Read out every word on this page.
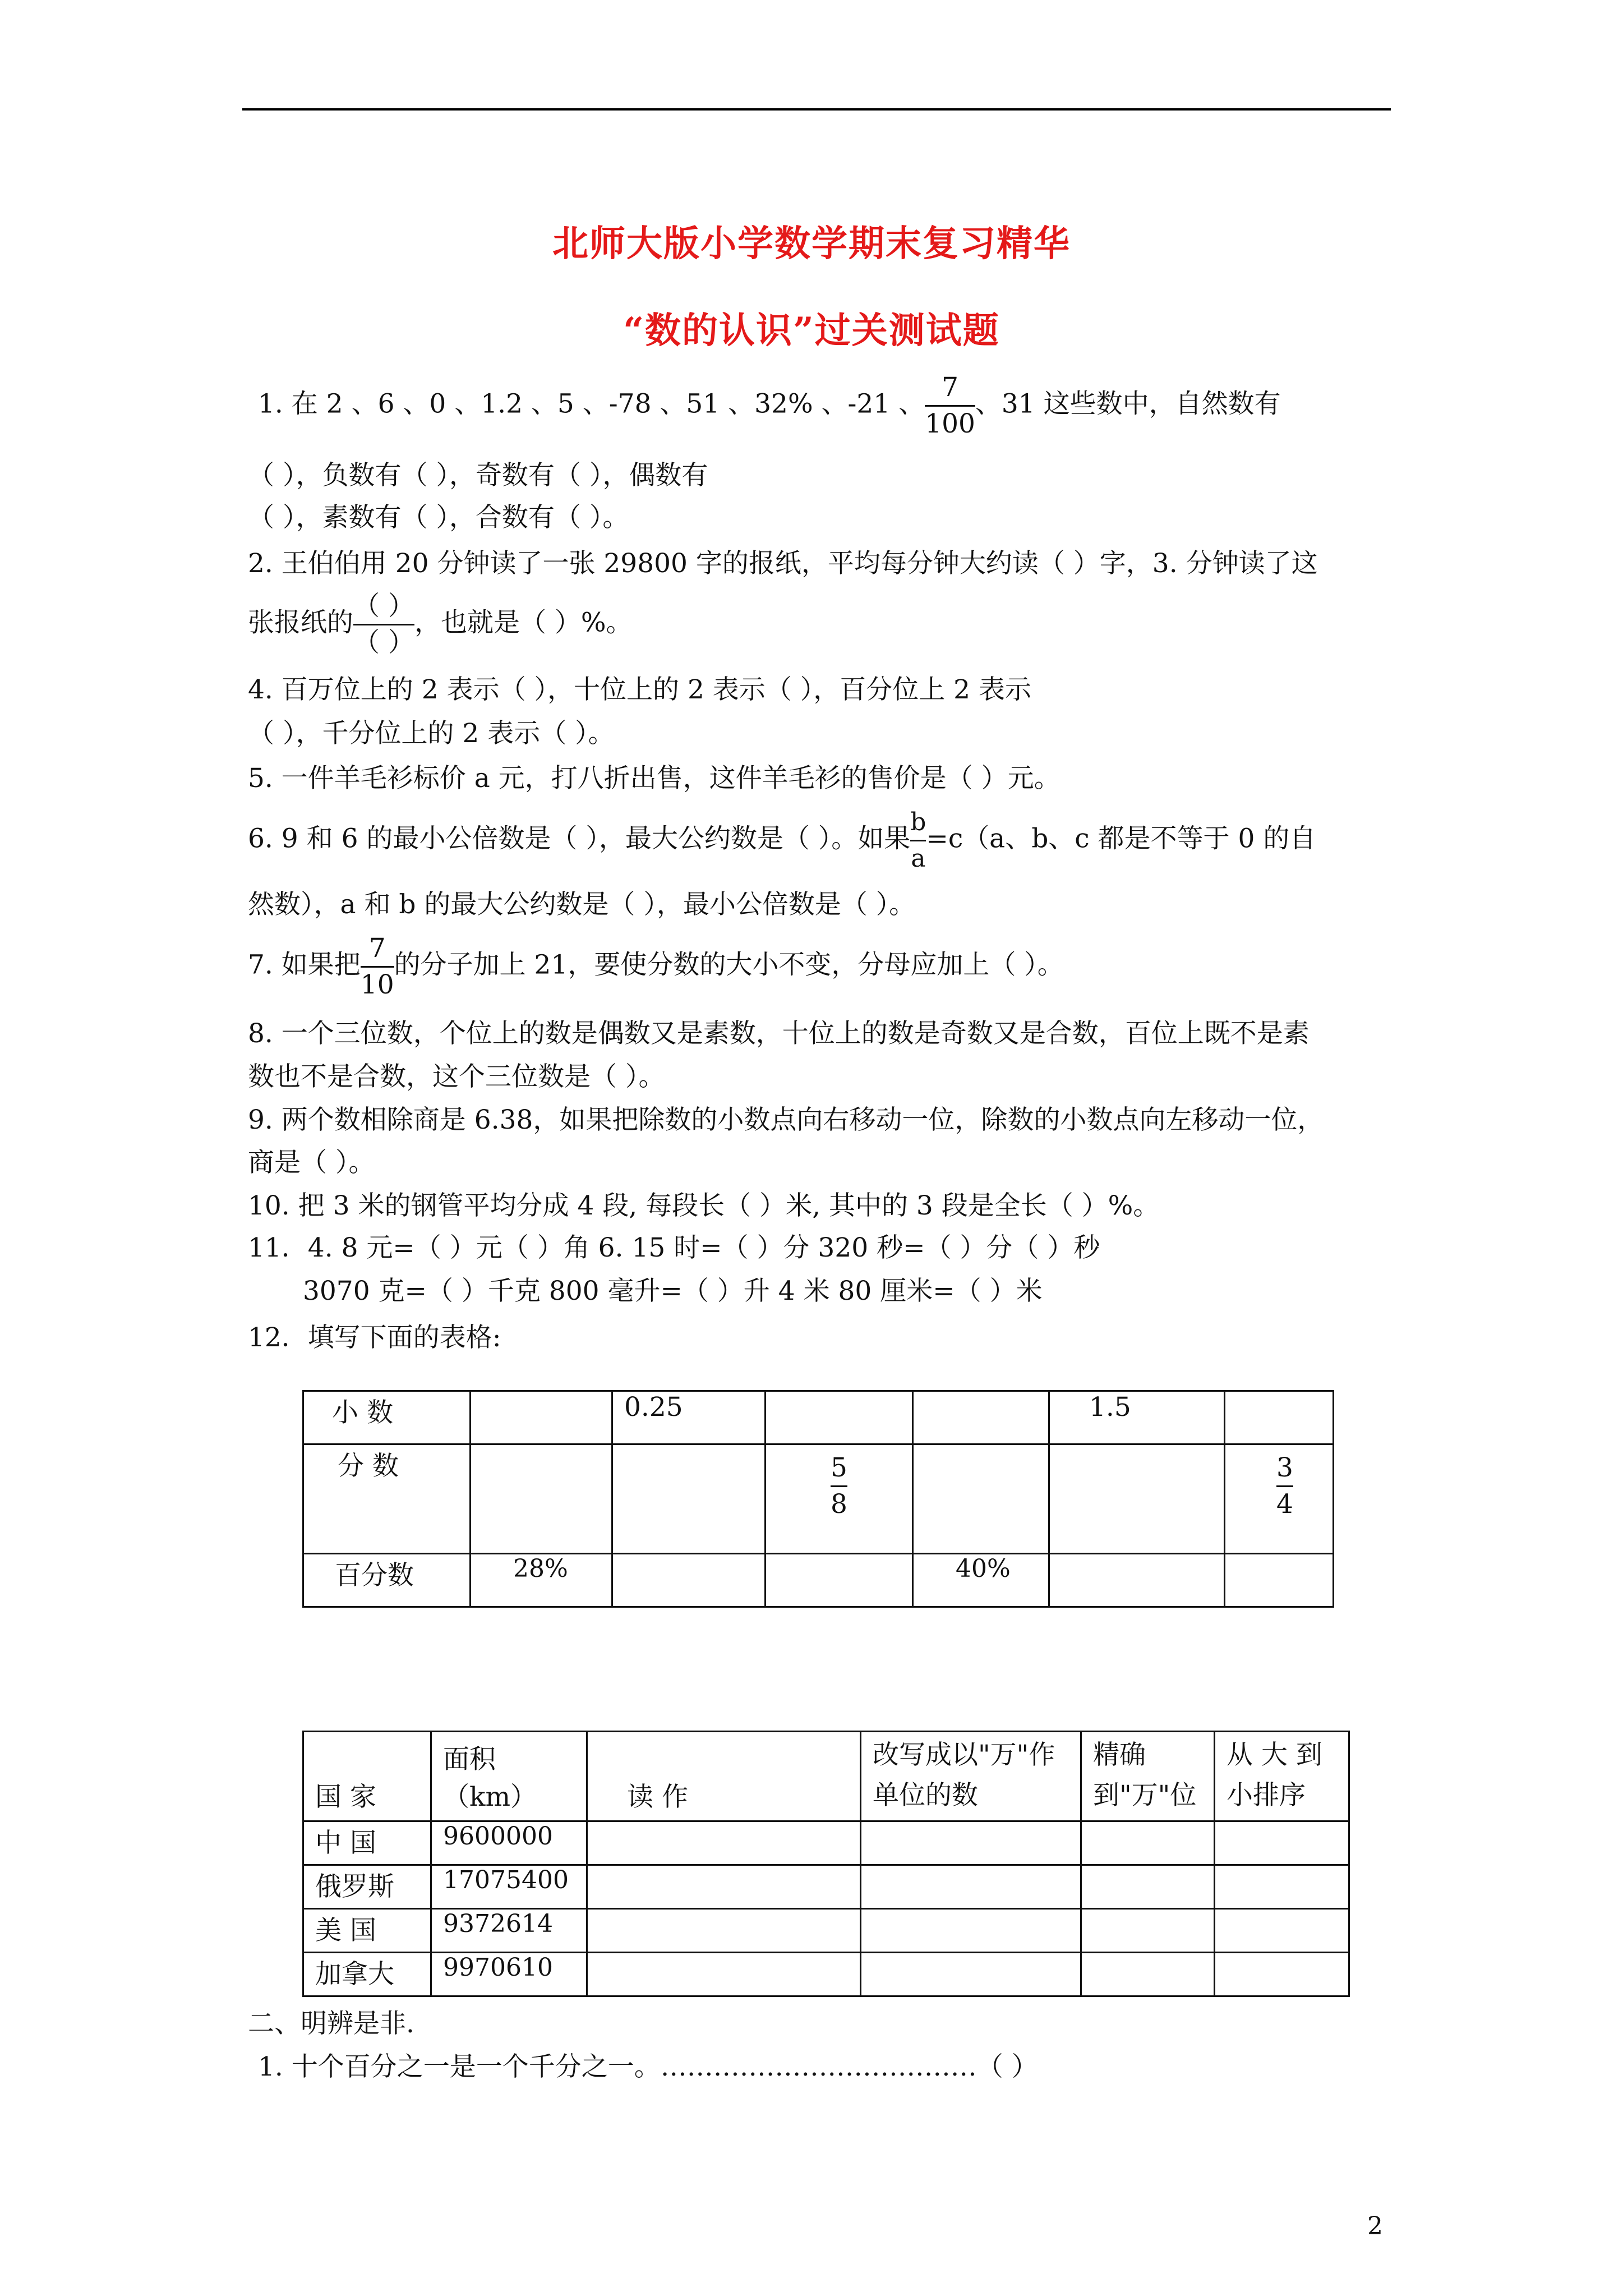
北师大版小学数学期末复习精华
“数的认识”过关测试题
1. 在 2 、6 、0 、1.2 、5 、-78 、51 、32% 、-21 、 $\frac{7}{100}$ 、31 这些数中，自然数有
（ ），负数有（ ），奇数有（ ），偶数有
（ ），素数有（ ），合数有（ ）。
2. 王伯伯用 20 分钟读了一张 29800 字的报纸，平均每分钟大约读（ ）字，3. 分钟读了这
张报纸的 $\frac{( )}{( )}$ ，也就是（ ）%。
4. 百万位上的 2 表示（ ），十位上的 2 表示（ ），百分位上 2 表示
（ ），千分位上的 2 表示（ ）。
5. 一件羊毛衫标价 a 元，打八折出售，这件羊毛衫的售价是（ ）元。
6. 9 和 6 的最小公倍数是（ ），最大公约数是（ ）。如果 $\frac{b}{a} =c(a$、b、c 都是不等于 0 的自
然数），a 和 b 的最大公约数是（ ），最小公倍数是（ ）。
7. 如果把 $\frac{7}{10}$ 的分子加上 21，要使分数的大小不变，分母应加上（ ）。
8. 一个三位数，个位上的数是偶数又是素数，十位上的数是奇数又是合数，百位上既不是素
数也不是合数，这个三位数是（ ）。
9. 两个数相除商是 6.38，如果把除数的小数点向右移动一位，除数的小数点向左移动一位，
商是（ ）。
10. 把 3 米的钢管平均分成 4 段, 每段长（ ）米, 其中的 3 段是全长（ ）%。
11．4. 8 元=（ ）元（ ）角 6. 15 时=（ ）分 320 秒=（ ）分（ ）秒
3070 克=（ ）千克 800 毫升=（ ）升 4 米 80 厘米=（ ）米
12．填写下面的表格:
小 数		0.25			1.5	
分 数			$\frac{5}{8}$			$\frac{3}{4}$

百分数	28%			40%		
国 家	面积（km）	读 作	改写成以"万"作单位的数	精确到"万"位	从 大 到小排序
中 国	9600000				
俄罗斯	17075400				
美 国	9372614				
加拿大	9970610				
二、明辨是非.
1. 十个百分之一是一个千分之一。………………………………（ ）
2
